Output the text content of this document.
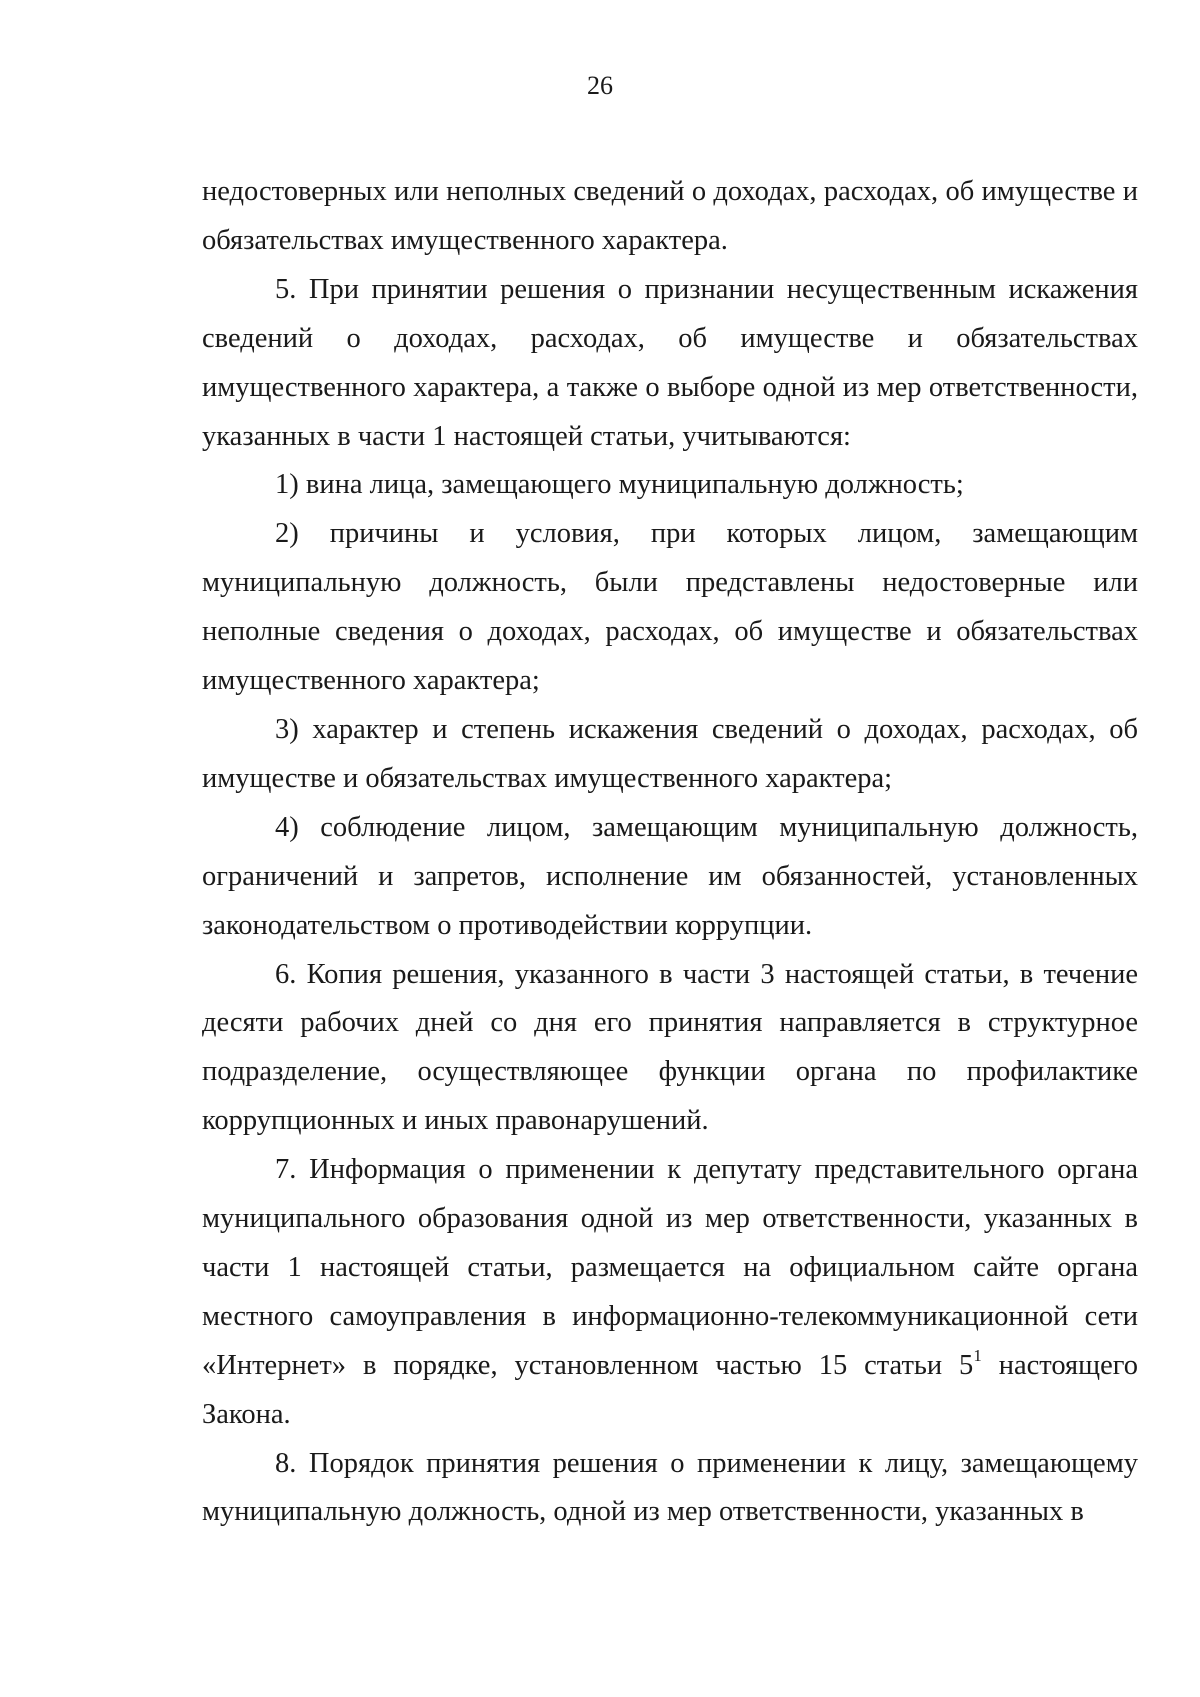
26

недостоверных или неполных сведений о доходах, расходах, об имуществе и обязательствах имущественного характера.

5. При принятии решения о признании несущественным искажения сведений о доходах, расходах, об имуществе и обязательствах имущественного характера, а также о выборе одной из мер ответственности, указанных в части 1 настоящей статьи, учитываются:

1) вина лица, замещающего муниципальную должность;

2) причины и условия, при которых лицом, замещающим муниципальную должность, были представлены недостоверные или неполные сведения о доходах, расходах, об имуществе и обязательствах имущественного характера;

3) характер и степень искажения сведений о доходах, расходах, об имуществе и обязательствах имущественного характера;

4) соблюдение лицом, замещающим муниципальную должность, ограничений и запретов, исполнение им обязанностей, установленных законодательством о противодействии коррупции.

6. Копия решения, указанного в части 3 настоящей статьи, в течение десяти рабочих дней со дня его принятия направляется в структурное подразделение, осуществляющее функции органа по профилактике коррупционных и иных правонарушений.

7. Информация о применении к депутату представительного органа муниципального образования одной из мер ответственности, указанных в части 1 настоящей статьи, размещается на официальном сайте органа местного самоуправления в информационно-телекоммуникационной сети «Интернет» в порядке, установленном частью 15 статьи $5^1$ настоящего Закона.

8. Порядок принятия решения о применении к лицу, замещающему муниципальную должность, одной из мер ответственности, указанных в
